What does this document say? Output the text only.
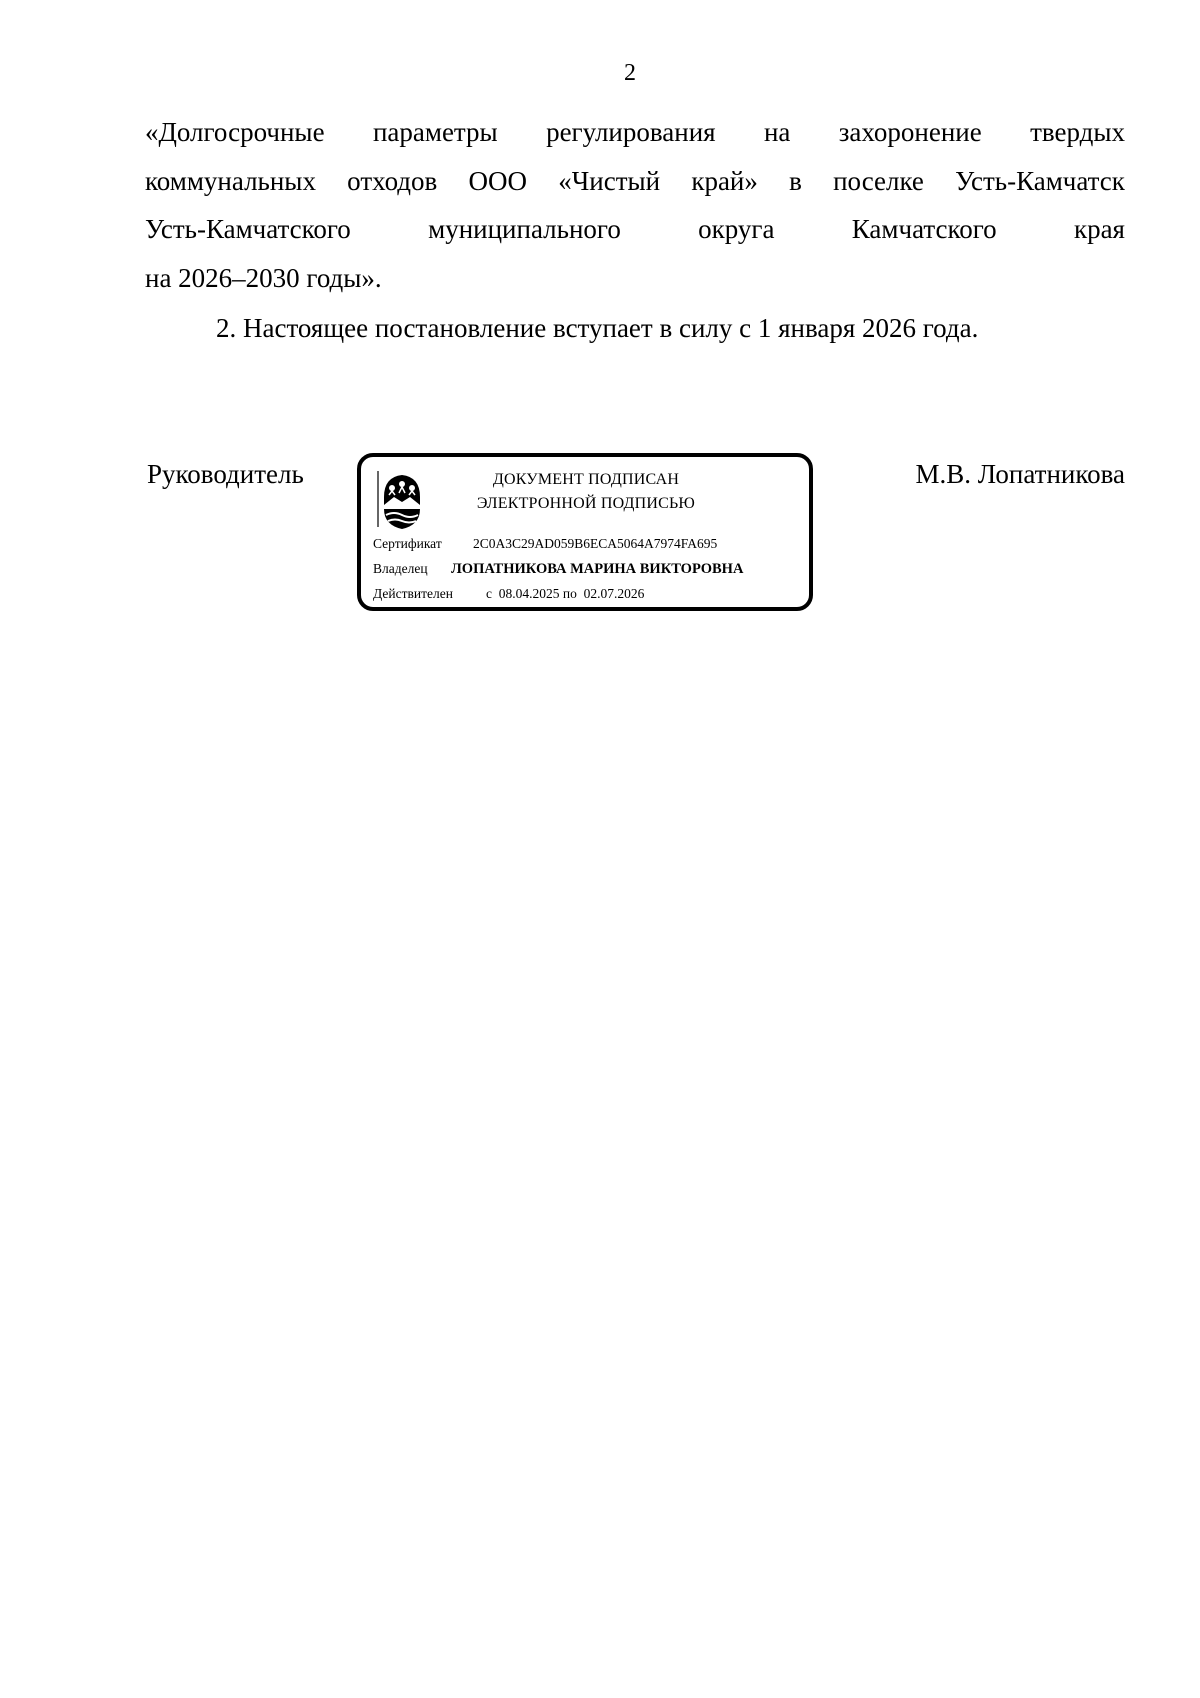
2
«Долгосрочные параметры регулирования на захоронение твердых
коммунальных отходов ООО «Чистый край» в поселке Усть-Камчатск
Усть-Камчатского	муниципального	округа	Камчатского	края
на 2026–2030 годы».
2. Настоящее постановление вступает в силу с 1 января 2026 года.
Руководитель	ДОКУМЕНТ ПОДПИСАН
ЭЛЕКТРОННОЙ ПОДПИСЬЮ
Сертификат 2C0A3C29AD059B6ECA5064A7974FA695
Владелец ЛОПАТНИКОВА МАРИНА ВИКТОРОВНА
Действителен с  08.04.2025 по  02.07.2026
М.В. Лопатникова
